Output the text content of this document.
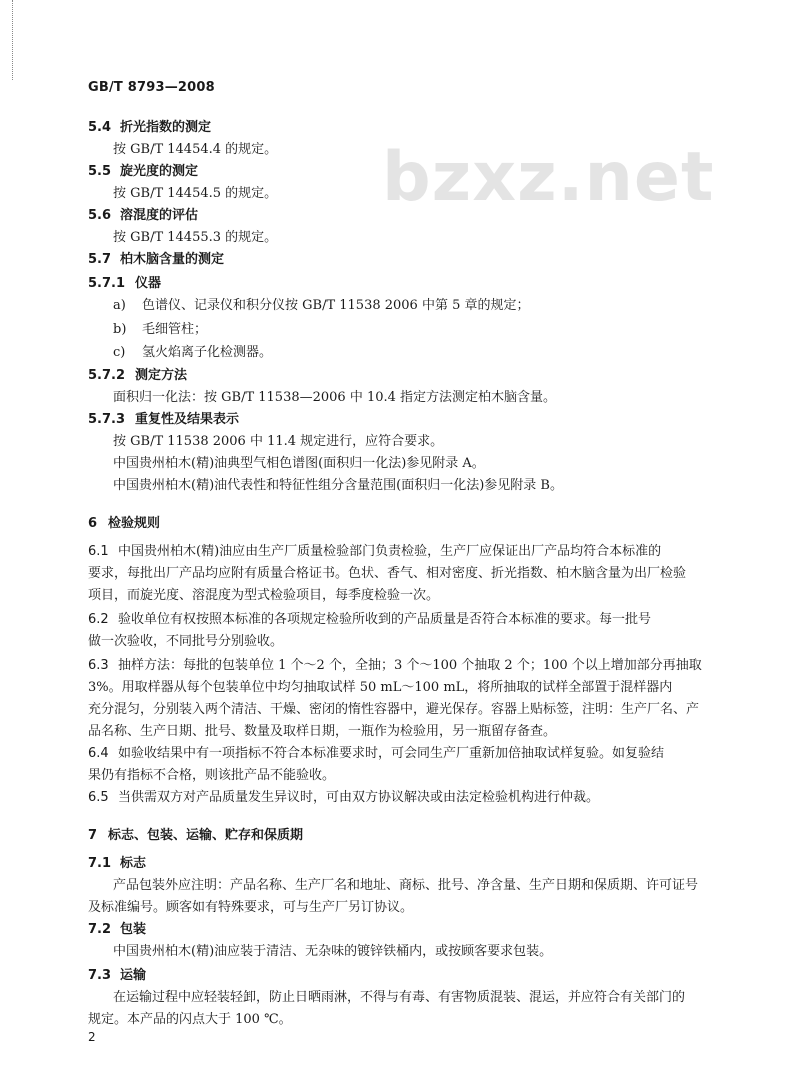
GB/T 8793—2008
bzxz.net
5.4 折光指数的测定
按 GB/T 14454.4 的规定。
5.5 旋光度的测定
按 GB/T 14454.5 的规定。
5.6 溶混度的评估
按 GB/T 14455.3 的规定。
5.7 柏木脑含量的测定
5.7.1 仪器
a) 色谱仪、记录仪和积分仪按 GB/T 11538 2006 中第 5 章的规定；
b) 毛细管柱；
c) 氢火焰离子化检测器。
5.7.2 测定方法
面积归一化法：按 GB/T 11538—2006 中 10.4 指定方法测定柏木脑含量。
5.7.3 重复性及结果表示
按 GB/T 11538 2006 中 11.4 规定进行，应符合要求。
中国贵州柏木(精)油典型气相色谱图(面积归一化法)参见附录 A。
中国贵州柏木(精)油代表性和特征性组分含量范围(面积归一化法)参见附录 B。
6 检验规则
6.1 中国贵州柏木(精)油应由生产厂质量检验部门负责检验，生产厂应保证出厂产品均符合本标准的
要求，每批出厂产品均应附有质量合格证书。色状、香气、相对密度、折光指数、柏木脑含量为出厂检验
项目，而旋光度、溶混度为型式检验项目，每季度检验一次。
6.2 验收单位有权按照本标准的各项规定检验所收到的产品质量是否符合本标准的要求。每一批号
做一次验收，不同批号分别验收。
6.3 抽样方法：每批的包装单位 1 个～2 个，全抽；3 个～100 个抽取 2 个；100 个以上增加部分再抽取
3%。用取样器从每个包装单位中均匀抽取试样 50 mL～100 mL，将所抽取的试样全部置于混样器内
充分混匀，分别装入两个清洁、干燥、密闭的惰性容器中，避光保存。容器上贴标签，注明：生产厂名、产
品名称、生产日期、批号、数量及取样日期，一瓶作为检验用，另一瓶留存备查。
6.4 如验收结果中有一项指标不符合本标准要求时，可会同生产厂重新加倍抽取试样复验。如复验结
果仍有指标不合格，则该批产品不能验收。
6.5 当供需双方对产品质量发生异议时，可由双方协议解决或由法定检验机构进行仲裁。
7 标志、包装、运输、贮存和保质期
7.1 标志
产品包装外应注明：产品名称、生产厂名和地址、商标、批号、净含量、生产日期和保质期、许可证号
及标准编号。顾客如有特殊要求，可与生产厂另订协议。
7.2 包装
中国贵州柏木(精)油应装于清洁、无杂味的镀锌铁桶内，或按顾客要求包装。
7.3 运输
在运输过程中应轻装轻卸，防止日晒雨淋，不得与有毒、有害物质混装、混运，并应符合有关部门的
规定。本产品的闪点大于 100 ℃。
2
